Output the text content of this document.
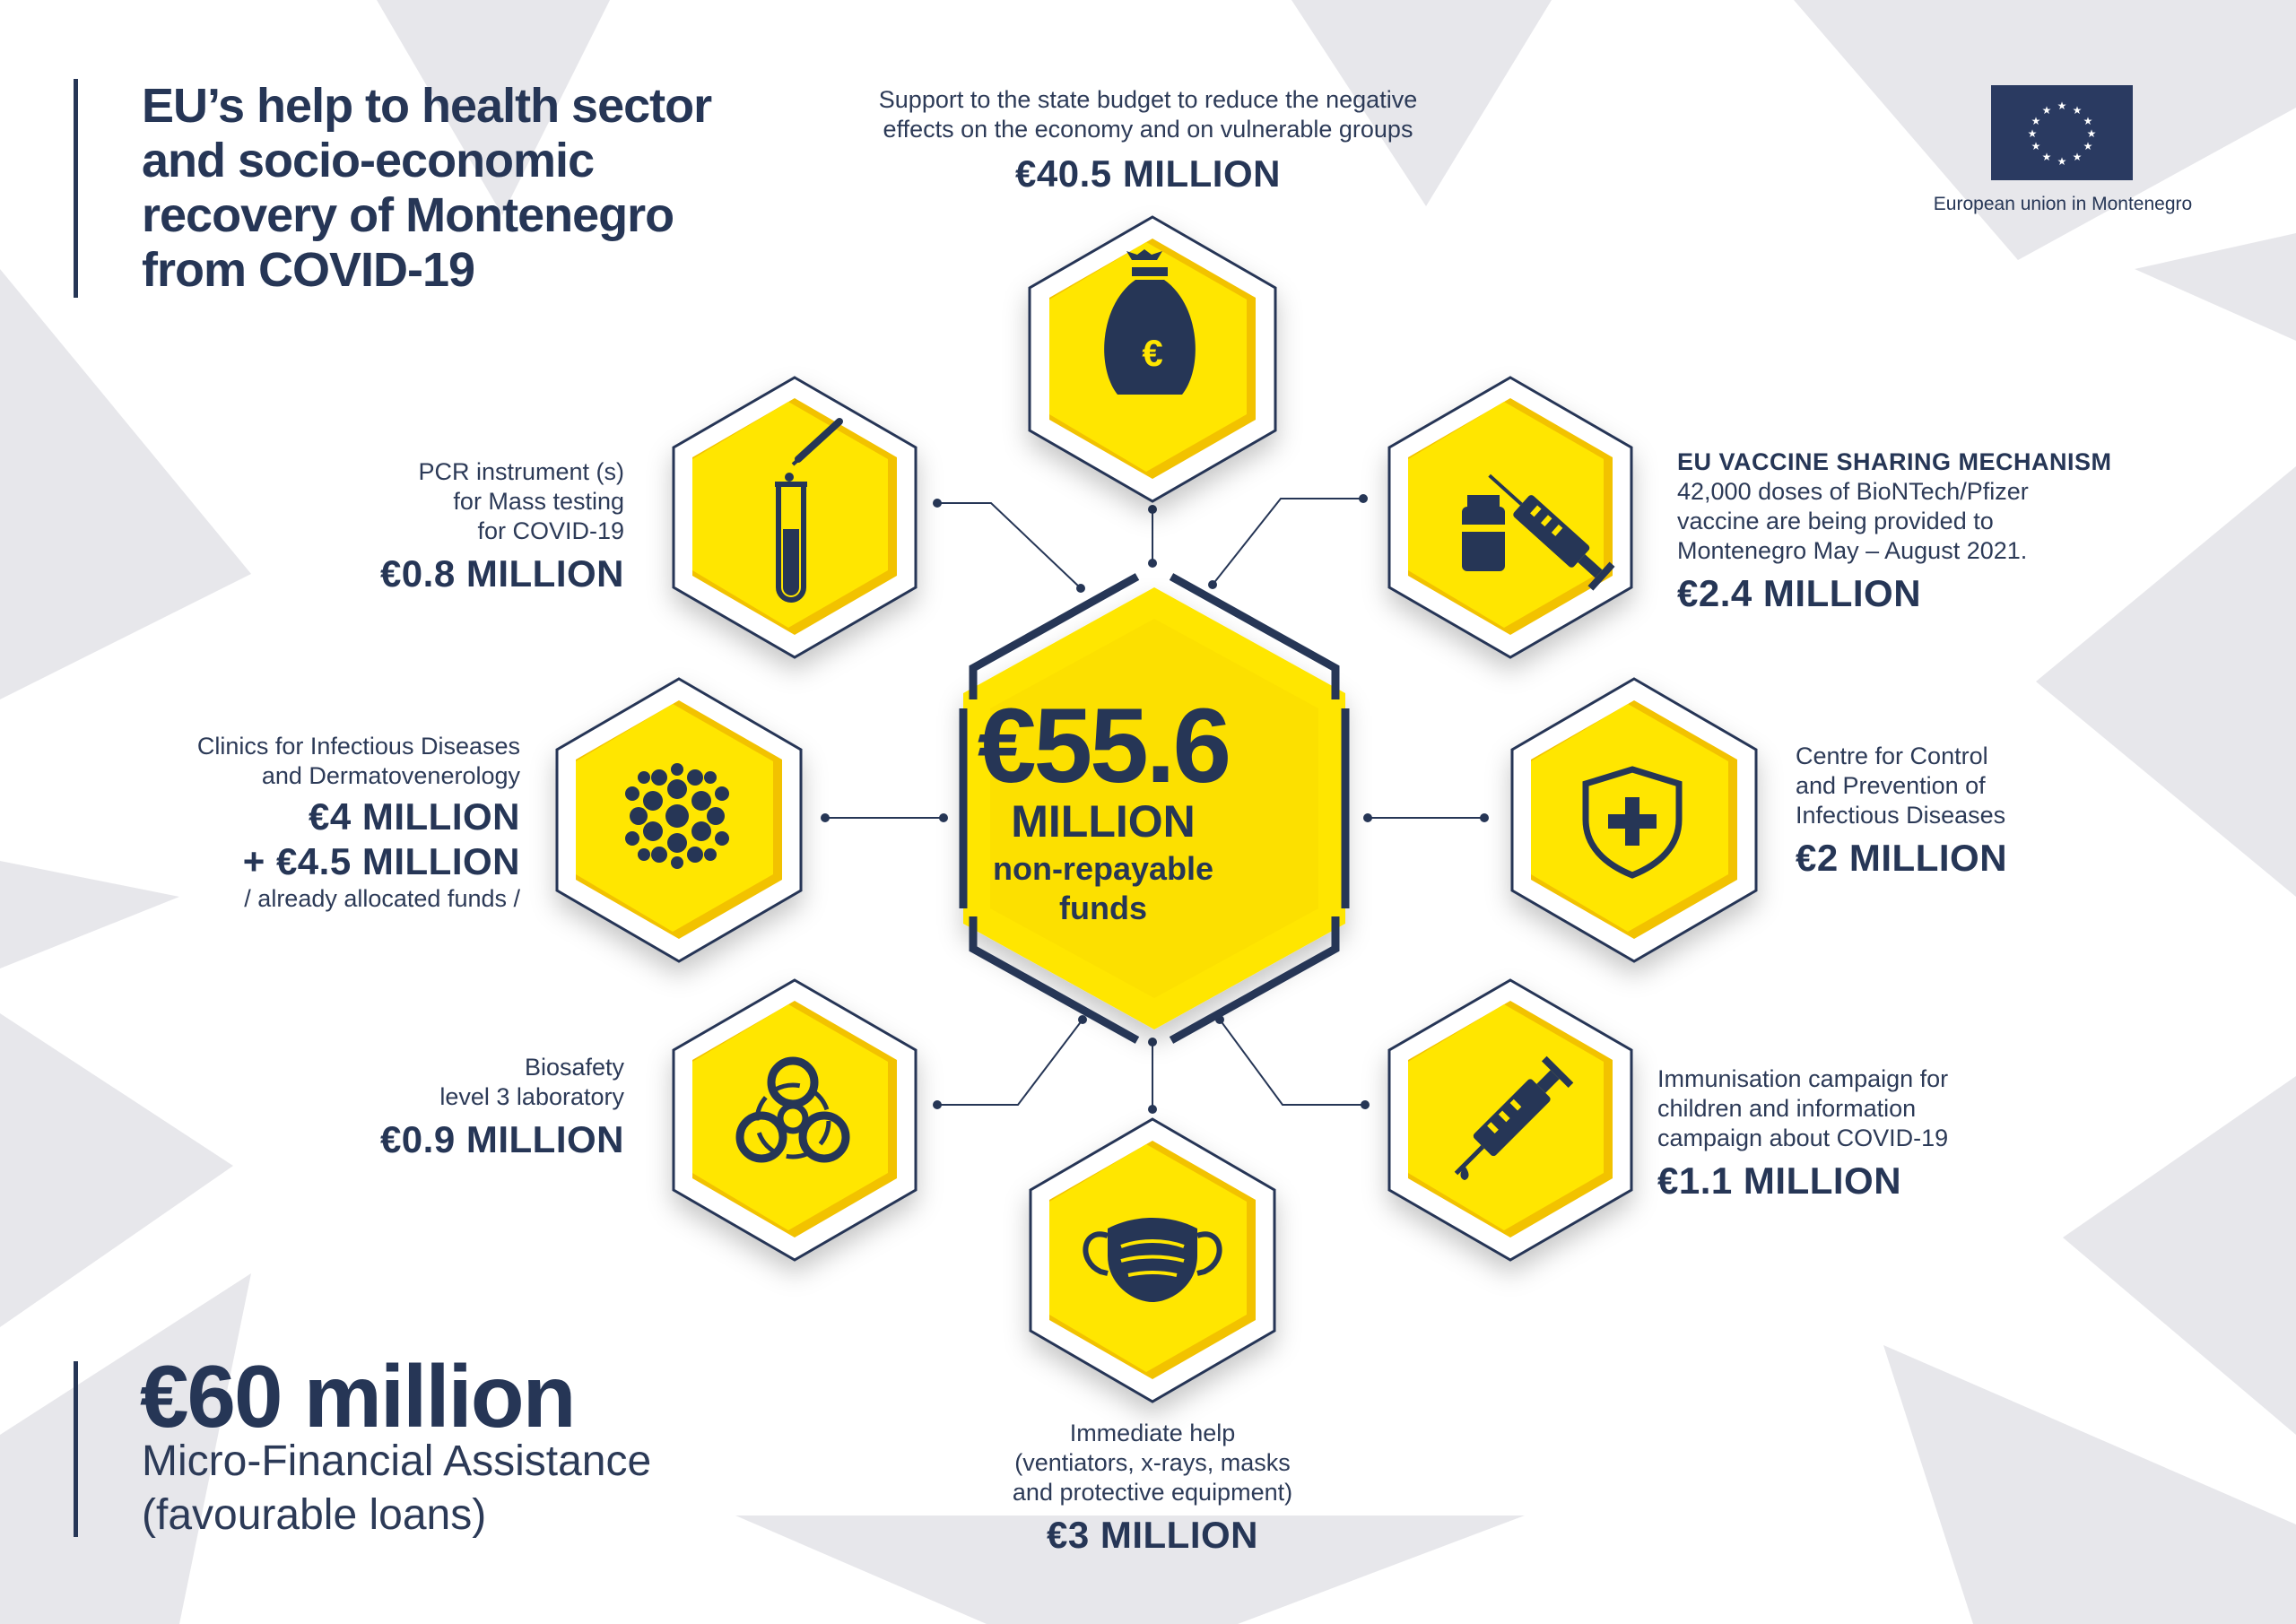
€
EU’s help to health sector and socio-economic recovery of Montenegro from COVID-19
★ ★
★
★
★
★
★
★
★
★
★
★
European union in Montenegro
Support to the state budget to reduce the negative
effects on the economy and on vulnerable groups
€40.5 MILLION
PCR instrument (s)
for Mass testing
for COVID-19
€0.8 MILLION
EU VACCINE SHARING MECHANISM
42,000 doses of BioNTech/Pfizer
vaccine are being provided to
Montenegro May – August 2021.
€2.4 MILLION
Clinics for Infectious Diseases
and Dermatovenerology
€4 MILLION
+ €4.5 MILLION
/ already allocated funds /
Centre for Control
and Prevention of
Infectious Diseases
€2 MILLION
Biosafety
level 3 laboratory
€0.9 MILLION
Immunisation campaign for
children and information
campaign about COVID-19
€1.1 MILLION
Immediate help
(ventiators, x-rays, masks
and protective equipment)
€3 MILLION
€55.6
MILLION
non-repayable
funds
€60 million
Micro-Financial Assistance
(favourable loans)
